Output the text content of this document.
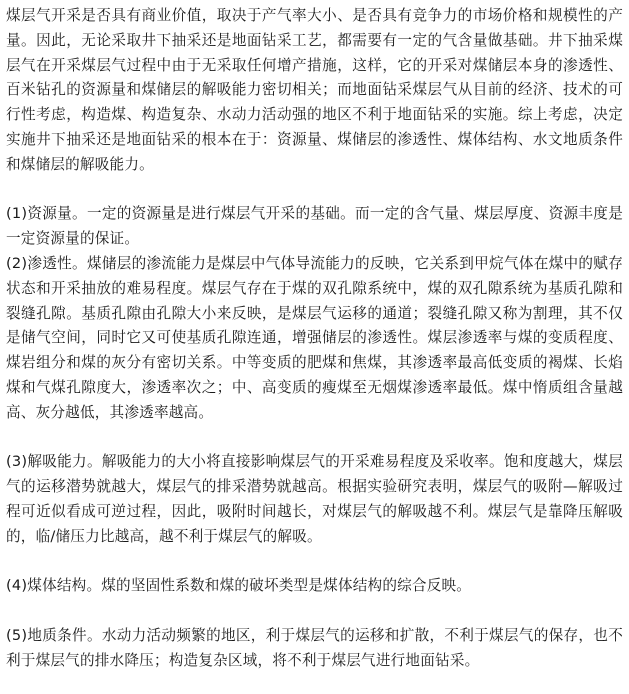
煤层气开采是否具有商业价值，取决于产气率大小、是否具有竞争力的市场价格和规模性的产量。因此，无论采取井下抽采还是地面钻采工艺，都需要有一定的气含量做基础。井下抽采煤层气在开采煤层气过程中由于无采取任何增产措施，这样，它的开采对煤储层本身的渗透性、百米钻孔的资源量和煤储层的解吸能力密切相关；而地面钻采煤层气从目前的经济、技术的可行性考虑，构造煤、构造复杂、水动力活动强的地区不利于地面钻采的实施。综上考虑，决定实施井下抽采还是地面钻采的根本在于：资源量、煤储层的渗透性、煤体结构、水文地质条件和煤储层的解吸能力。

(1)资源量。一定的资源量是进行煤层气开采的基础。而一定的含气量、煤层厚度、资源丰度是一定资源量的保证。

(2)渗透性。煤储层的渗流能力是煤层中气体导流能力的反映，它关系到甲烷气体在煤中的赋存状态和开采抽放的难易程度。煤层气存在于煤的双孔隙系统中，煤的双孔隙系统为基质孔隙和裂缝孔隙。基质孔隙由孔隙大小来反映，是煤层气运移的通道；裂缝孔隙又称为割理，其不仅是储气空间，同时它又可使基质孔隙连通，增强储层的渗透性。煤层渗透率与煤的变质程度、煤岩组分和煤的灰分有密切关系。中等变质的肥煤和焦煤，其渗透率最高低变质的褐煤、长焰煤和气煤孔隙度大，渗透率次之；中、高变质的瘦煤至无烟煤渗透率最低。煤中惰质组含量越高、灰分越低，其渗透率越高。

(3)解吸能力。解吸能力的大小将直接影响煤层气的开采难易程度及采收率。饱和度越大，煤层气的运移潜势就越大，煤层气的排采潜势就越高。根据实验研究表明，煤层气的吸附—解吸过程可近似看成可逆过程，因此，吸附时间越长，对煤层气的解吸越不利。煤层气是靠降压解吸的，临/储压力比越高，越不利于煤层气的解吸。

(4)煤体结构。煤的坚固性系数和煤的破坏类型是煤体结构的综合反映。

(5)地质条件。水动力活动频繁的地区，利于煤层气的运移和扩散，不利于煤层气的保存，也不利于煤层气的排水降压；构造复杂区域，将不利于煤层气进行地面钻采。
